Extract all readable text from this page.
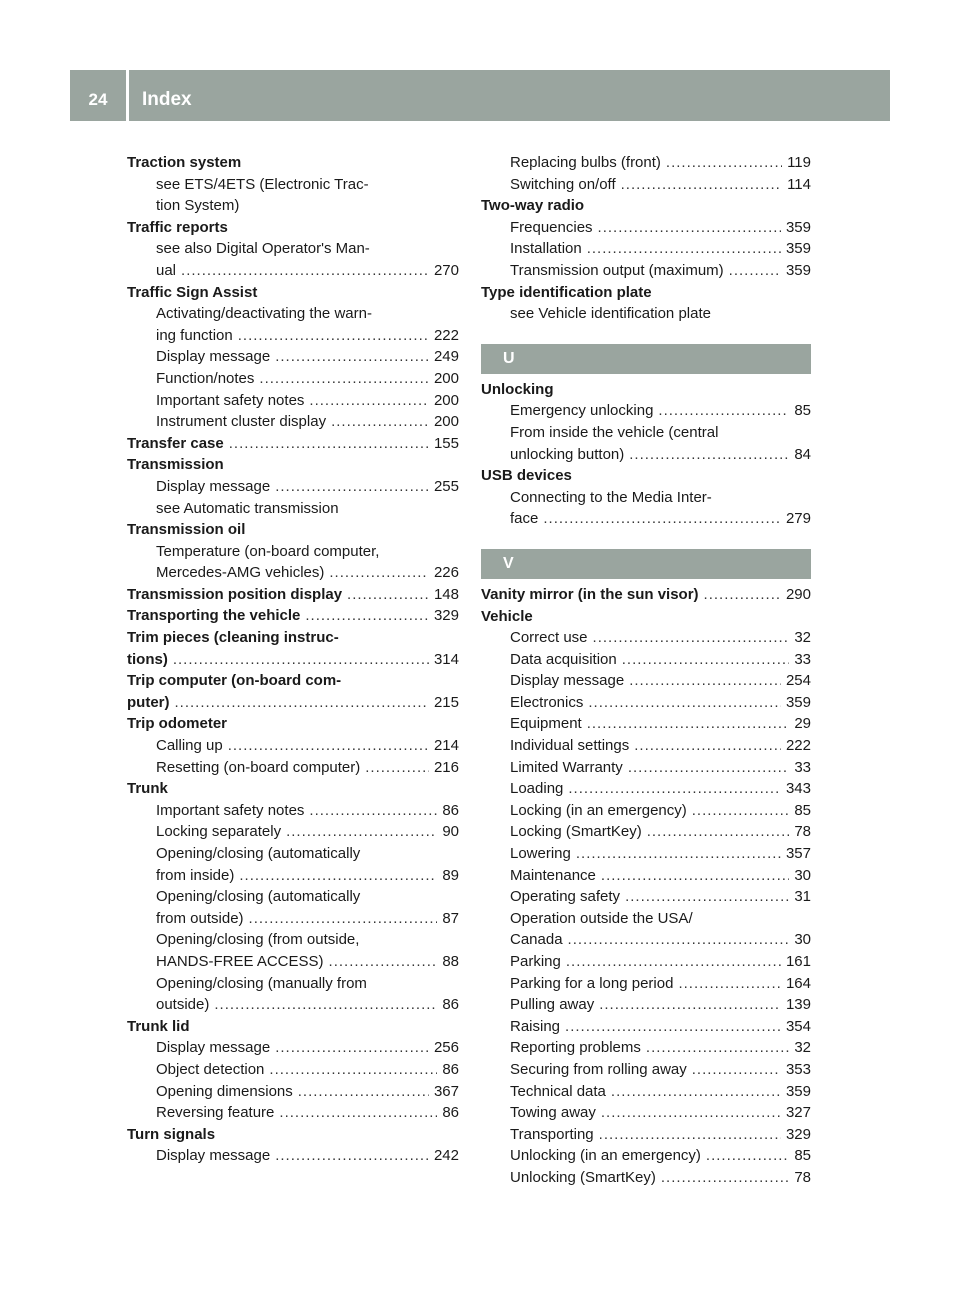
24	Index
Traction system
see ETS/4ETS (Electronic Trac-
tion System)
Traffic reports
see also Digital Operator's Man-
ual .....	270
Traffic Sign Assist
Activating/deactivating the warn-
ing function .....	222
Display message .....	249
Function/notes .....	200
Important safety notes .....	200
Instrument cluster display .....	200
Transfer case .....	155
Transmission
Display message .....	255
see Automatic transmission
Transmission oil
Temperature (on-board computer,
Mercedes-AMG vehicles) .....	226
Transmission position display .....	148
Transporting the vehicle .....	329
Trim pieces (cleaning instruc-
tions) .....	314
Trip computer (on-board com-
puter) .....	215
Trip odometer
Calling up .....	214
Resetting (on-board computer) .....	216
Trunk
Important safety notes .....	86
Locking separately .....	90
Opening/closing (automatically
from inside) .....	89
Opening/closing (automatically
from outside) .....	87
Opening/closing (from outside,
HANDS-FREE ACCESS) .....	88
Opening/closing (manually from
outside) .....	86
Trunk lid
Display message .....	256
Object detection .....	86
Opening dimensions .....	367
Reversing feature .....	86
Turn signals
Display message .....	242
Replacing bulbs (front) .....	119
Switching on/off .....	114
Two-way radio
Frequencies .....	359
Installation .....	359
Transmission output (maximum) .....	359
Type identification plate
see Vehicle identification plate
U
Unlocking
Emergency unlocking .....	85
From inside the vehicle (central
unlocking button) .....	84
USB devices
Connecting to the Media Inter-
face .....	279
V
Vanity mirror (in the sun visor) .....	290
Vehicle
Correct use .....	32
Data acquisition .....	33
Display message .....	254
Electronics .....	359
Equipment .....	29
Individual settings .....	222
Limited Warranty .....	33
Loading .....	343
Locking (in an emergency) .....	85
Locking (SmartKey) .....	78
Lowering .....	357
Maintenance .....	30
Operating safety .....	31
Operation outside the USA/
Canada .....	30
Parking .....	161
Parking for a long period .....	164
Pulling away .....	139
Raising .....	354
Reporting problems .....	32
Securing from rolling away .....	353
Technical data .....	359
Towing away .....	327
Transporting .....	329
Unlocking (in an emergency) .....	85
Unlocking (SmartKey) .....	78
